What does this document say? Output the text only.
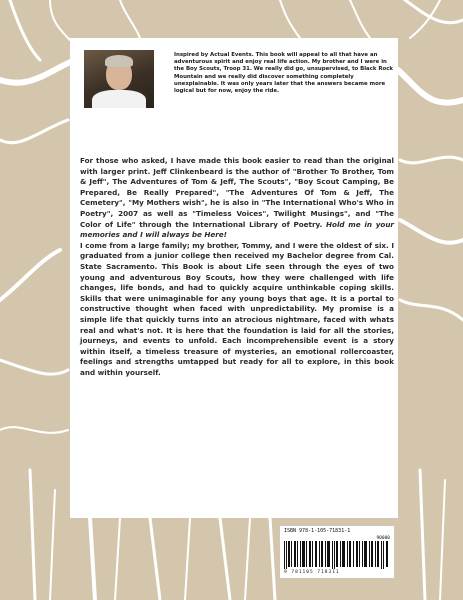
Inspired by Actual Events. This book will appeal to all that have an adventurous spirit and enjoy real life action. My brother and I were in the Boy Scouts, Troop 31. We really did go, unsupervised, to Black Rock Mountain and we really did discover something completely unexplainable. It was only years later that the answers became more logical but for now, enjoy the ride.

For those who asked, I have made this book easier to read than the original with larger print. Jeff Clinkenbeard is the author of "Brother To Brother, Tom & Jeff", The Adventures of Tom & Jeff, The Scouts", "Boy Scout Camping, Be Prepared, Be Really Prepared", "The Adventures Of Tom & Jeff, The Cemetery", "My Mothers wish", he is also in "The International Who's Who in Poetry", 2007 as well as "Timeless Voices", Twilight Musings", and "The Color of Life" through the International Library of Poetry. Hold me in your memories and I will always be Here!

I come from a large family; my brother, Tommy, and I were the oldest of six. I graduated from a junior college then received my Bachelor degree from Cal. State Sacramento. This Book is about Life seen through the eyes of two young and adventurous Boy Scouts, how they were challenged with life changes, life bonds, and had to quickly acquire unthinkable coping skills. Skills that were unimaginable for any young boys that age. It is a portal to constructive thought when faced with unpredictability. My promise is a simple life that quickly turns into an atrocious nightmare, faced with whats real and what's not. It is here that the foundation is laid for all the stories, journeys, and events to unfold. Each incomprehensible event is a story within itself, a timeless treasure of mysteries, an emotional rollercoaster, feelings and strengths umtapped but ready for all to explore, in this book and within yourself.

ISBN 978-1-105-71831-1
90000
9 781105 718311
